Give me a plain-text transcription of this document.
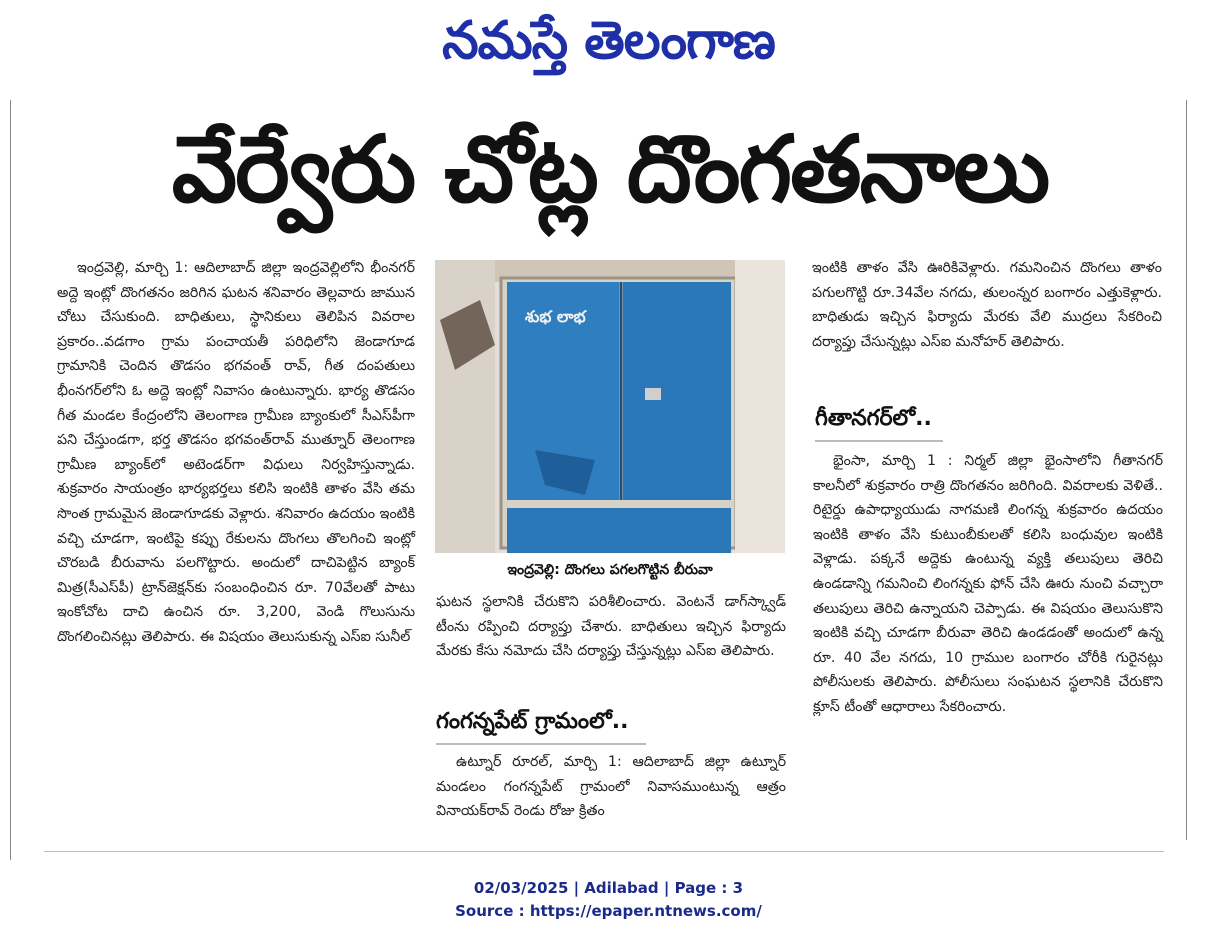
నమస్తే తెలంగాణ
వేర్వేరు చోట్ల దొంగతనాలు

ఇంద్రవెల్లి, మార్చి 1: ఆదిలాబాద్ జిల్లా ఇంద్రవెల్లిలోని భీంనగర్ అద్దె ఇంట్లో దొంగతనం జరిగిన ఘటన శనివారం తెల్లవారు జామున చోటు చేసుకుంది. బాధితులు, స్థానికులు తెలిపిన వివరాల ప్రకారం..వడగాం గ్రామ పంచాయతీ పరిధిలోని జెండాగూడ గ్రామానికి చెందిన తొడసం భగవంత్ రావ్, గీత దంపతులు భీంనగర్‌లోని ఓ అద్దె ఇంట్లో నివాసం ఉంటున్నారు. భార్య తొడసం గీత మండల కేంద్రంలోని తెలంగాణ గ్రామీణ బ్యాంకులో సీఎస్‌పీగా పని చేస్తుండగా, భర్త తొడసం భగవంత్‌రావ్ ముత్నూర్ తెలంగాణ గ్రామీణ బ్యాంక్‌లో అటెండర్‌గా విధులు నిర్వహిస్తున్నాడు. శుక్రవారం సాయంత్రం భార్యభర్తలు కలిసి ఇంటికి తాళం వేసి తమ సొంత గ్రామమైన జెండాగూడకు వెళ్లారు. శనివారం ఉదయం ఇంటికి వచ్చి చూడగా, ఇంటిపై కప్పు రేకులను దొంగలు తొలగించి ఇంట్లో చొరబడి బీరువాను పలగొట్టారు. అందులో దాచిపెట్టిన బ్యాంక్ మిత్ర(సీఎస్‌పీ) ట్రాన్‌జెక్షన్‌కు సంబంధించిన రూ. 70వేలతో పాటు ఇంకోచోట దాచి ఉంచిన రూ. 3,200, వెండి గొలుసును దొంగలించినట్లు తెలిపారు. ఈ విషయం తెలుసుకున్న ఎస్‌ఐ సునీల్

శుభ లాభ
ఇంద్రవెల్లి: దొంగలు పగలగొట్టిన బీరువా

ఘటన స్థలానికి చేరుకొని పరిశీలించారు. వెంటనే డాగ్‌స్క్వాడ్ టీంను రప్పించి దర్యాప్తు చేశారు. బాధితులు ఇచ్చిన ఫిర్యాదు మేరకు కేసు నమోదు చేసి దర్యాప్తు చేస్తున్నట్లు ఎస్‌ఐ తెలిపారు.

గంగన్నపేట్ గ్రామంలో..

ఉట్నూర్ రూరల్, మార్చి 1: ఆదిలాబాద్ జిల్లా ఉట్నూర్ మండలం గంగన్నపేట్ గ్రామంలో నివాసముంటున్న ఆత్రం వినాయక్‌రావ్ రెండు రోజు క్రితం

ఇంటికి తాళం వేసి ఊరికివెళ్లారు. గమనించిన దొంగలు తాళం పగులగొట్టి రూ.34వేల నగదు, తులంన్నర బంగారం ఎత్తుకెళ్లారు. బాధితుడు ఇచ్చిన ఫిర్యాదు మేరకు వేలి ముద్రలు సేకరించి దర్యాప్తు చేసున్నట్లు ఎస్‌ఐ మనోహర్ తెలిపారు.

గీతానగర్‌లో..

భైంసా, మార్చి 1 : నిర్మల్ జిల్లా భైంసాలోని గీతానగర్ కాలనీలో శుక్రవారం రాత్రి దొంగతనం జరిగింది. వివరాలకు వెళితే.. రిటైర్డు ఉపాధ్యాయుడు నాగమణి లింగన్న శుక్రవారం ఉదయం ఇంటికి తాళం వేసి కుటుంబీకులతో కలిసి బంధువుల ఇంటికి వెళ్లాడు. పక్కనే అద్దెకు ఉంటున్న వ్యక్తి తలుపులు తెరిచి ఉండడాన్ని గమనించి లింగన్నకు ఫోన్ చేసి ఊరు నుంచి వచ్చారా తలుపులు తెరిచి ఉన్నాయని చెప్పాడు. ఈ విషయం తెలుసుకొని ఇంటికి వచ్చి చూడగా బీరువా తెరిచి ఉండడంతో అందులో ఉన్న రూ. 40 వేల నగదు, 10 గ్రాముల బంగారం చోరీకి గురైనట్లు పోలీసులకు తెలిపారు. పోలీసులు సంఘటన స్థలానికి చేరుకొని క్లూస్ టీంతో ఆధారాలు సేకరించారు.

02/03/2025 | Adilabad | Page : 3
Source : https://epaper.ntnews.com/
